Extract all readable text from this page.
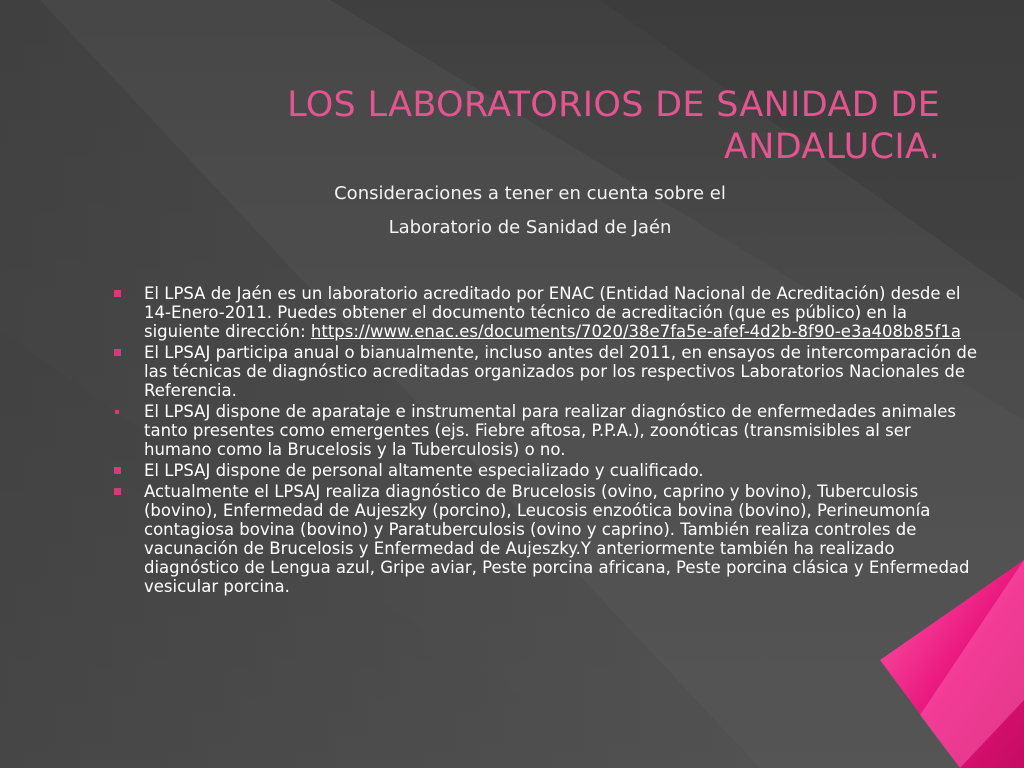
LOS LABORATORIOS DE SANIDAD DE ANDALUCIA.
Consideraciones a tener en cuenta sobre el
Laboratorio de Sanidad de Jaén
El LPSA de Jaén es un laboratorio acreditado por ENAC (Entidad Nacional de Acreditación) desde el 14-Enero-2011. Puedes obtener el documento técnico de acreditación (que es público) en la siguiente dirección: https://www.enac.es/documents/7020/38e7fa5e-afef-4d2b-8f90-e3a408b85f1a
El LPSAJ participa anual o bianualmente, incluso antes del 2011, en ensayos de intercomparación de las técnicas de diagnóstico acreditadas organizados por los respectivos Laboratorios Nacionales de Referencia.
El LPSAJ dispone de aparataje e instrumental para realizar diagnóstico de enfermedades animales tanto presentes como emergentes (ejs. Fiebre aftosa, P.P.A.), zoonóticas (transmisibles al ser humano como la Brucelosis y la Tuberculosis) o no.
El LPSAJ dispone de personal altamente especializado y cualificado.
Actualmente el LPSAJ realiza diagnóstico de Brucelosis (ovino, caprino y bovino), Tuberculosis (bovino), Enfermedad de Aujeszky (porcino), Leucosis enzoótica bovina (bovino), Perineumonía contagiosa bovina (bovino) y Paratuberculosis (ovino y caprino). También realiza controles de vacunación de Brucelosis y Enfermedad de Aujeszky.Y anteriormente también ha realizado diagnóstico de Lengua azul, Gripe aviar, Peste porcina africana, Peste porcina clásica y Enfermedad vesicular porcina.
